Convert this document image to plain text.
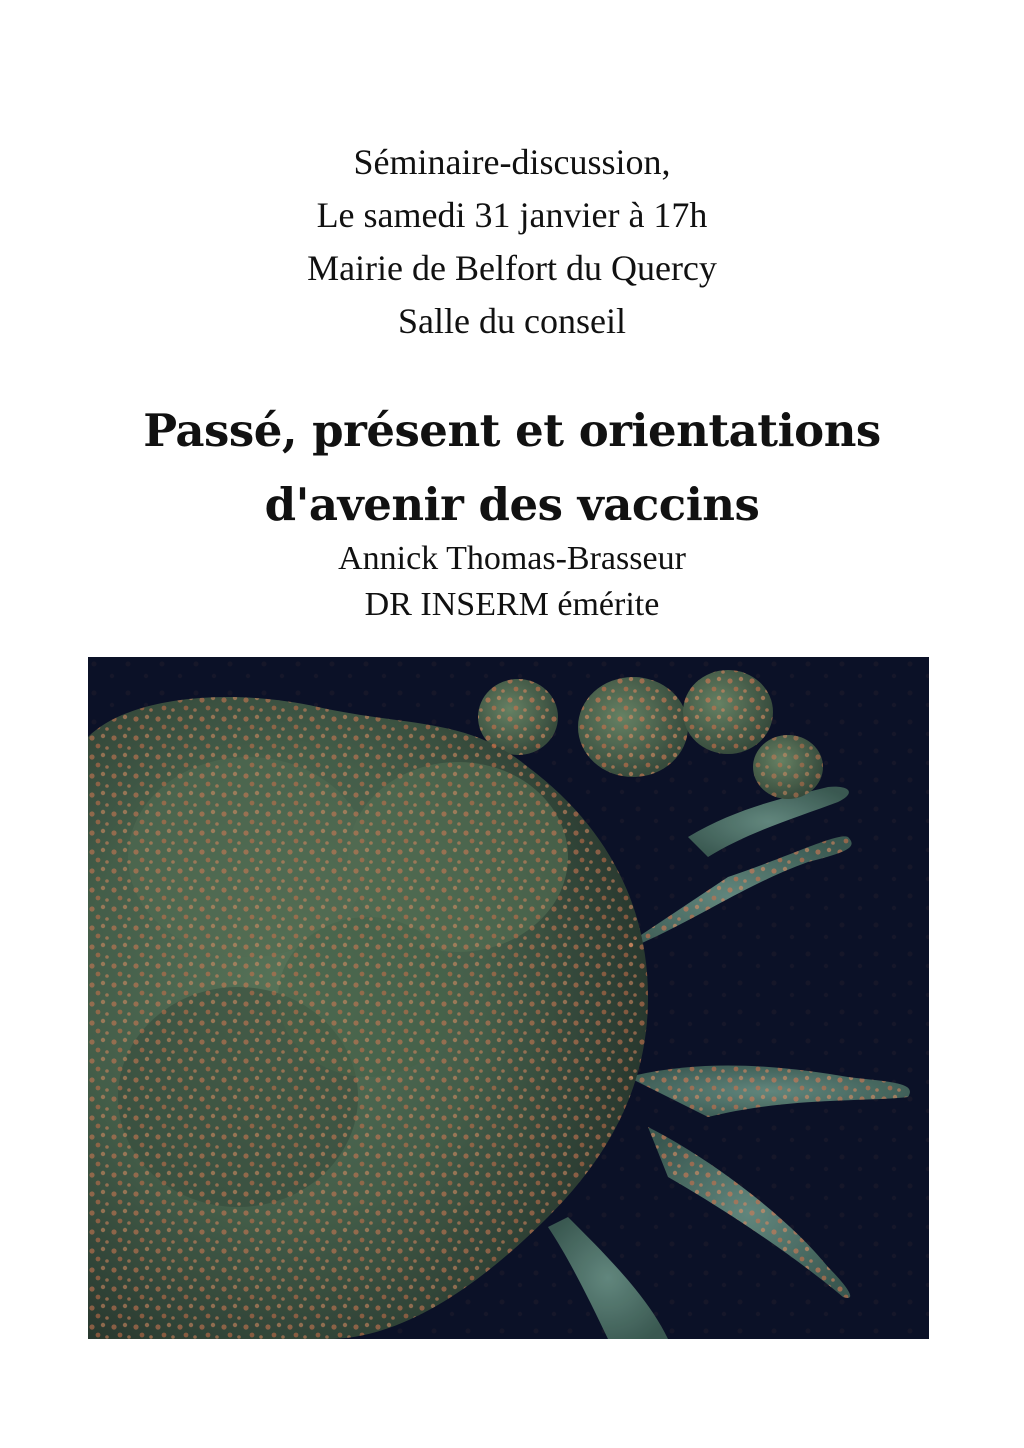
Séminaire-discussion,
Le samedi 31 janvier à 17h
Mairie de Belfort du Quercy
Salle du conseil
Passé, présent et orientations
d'avenir des vaccins
Annick Thomas-Brasseur
DR INSERM émérite
